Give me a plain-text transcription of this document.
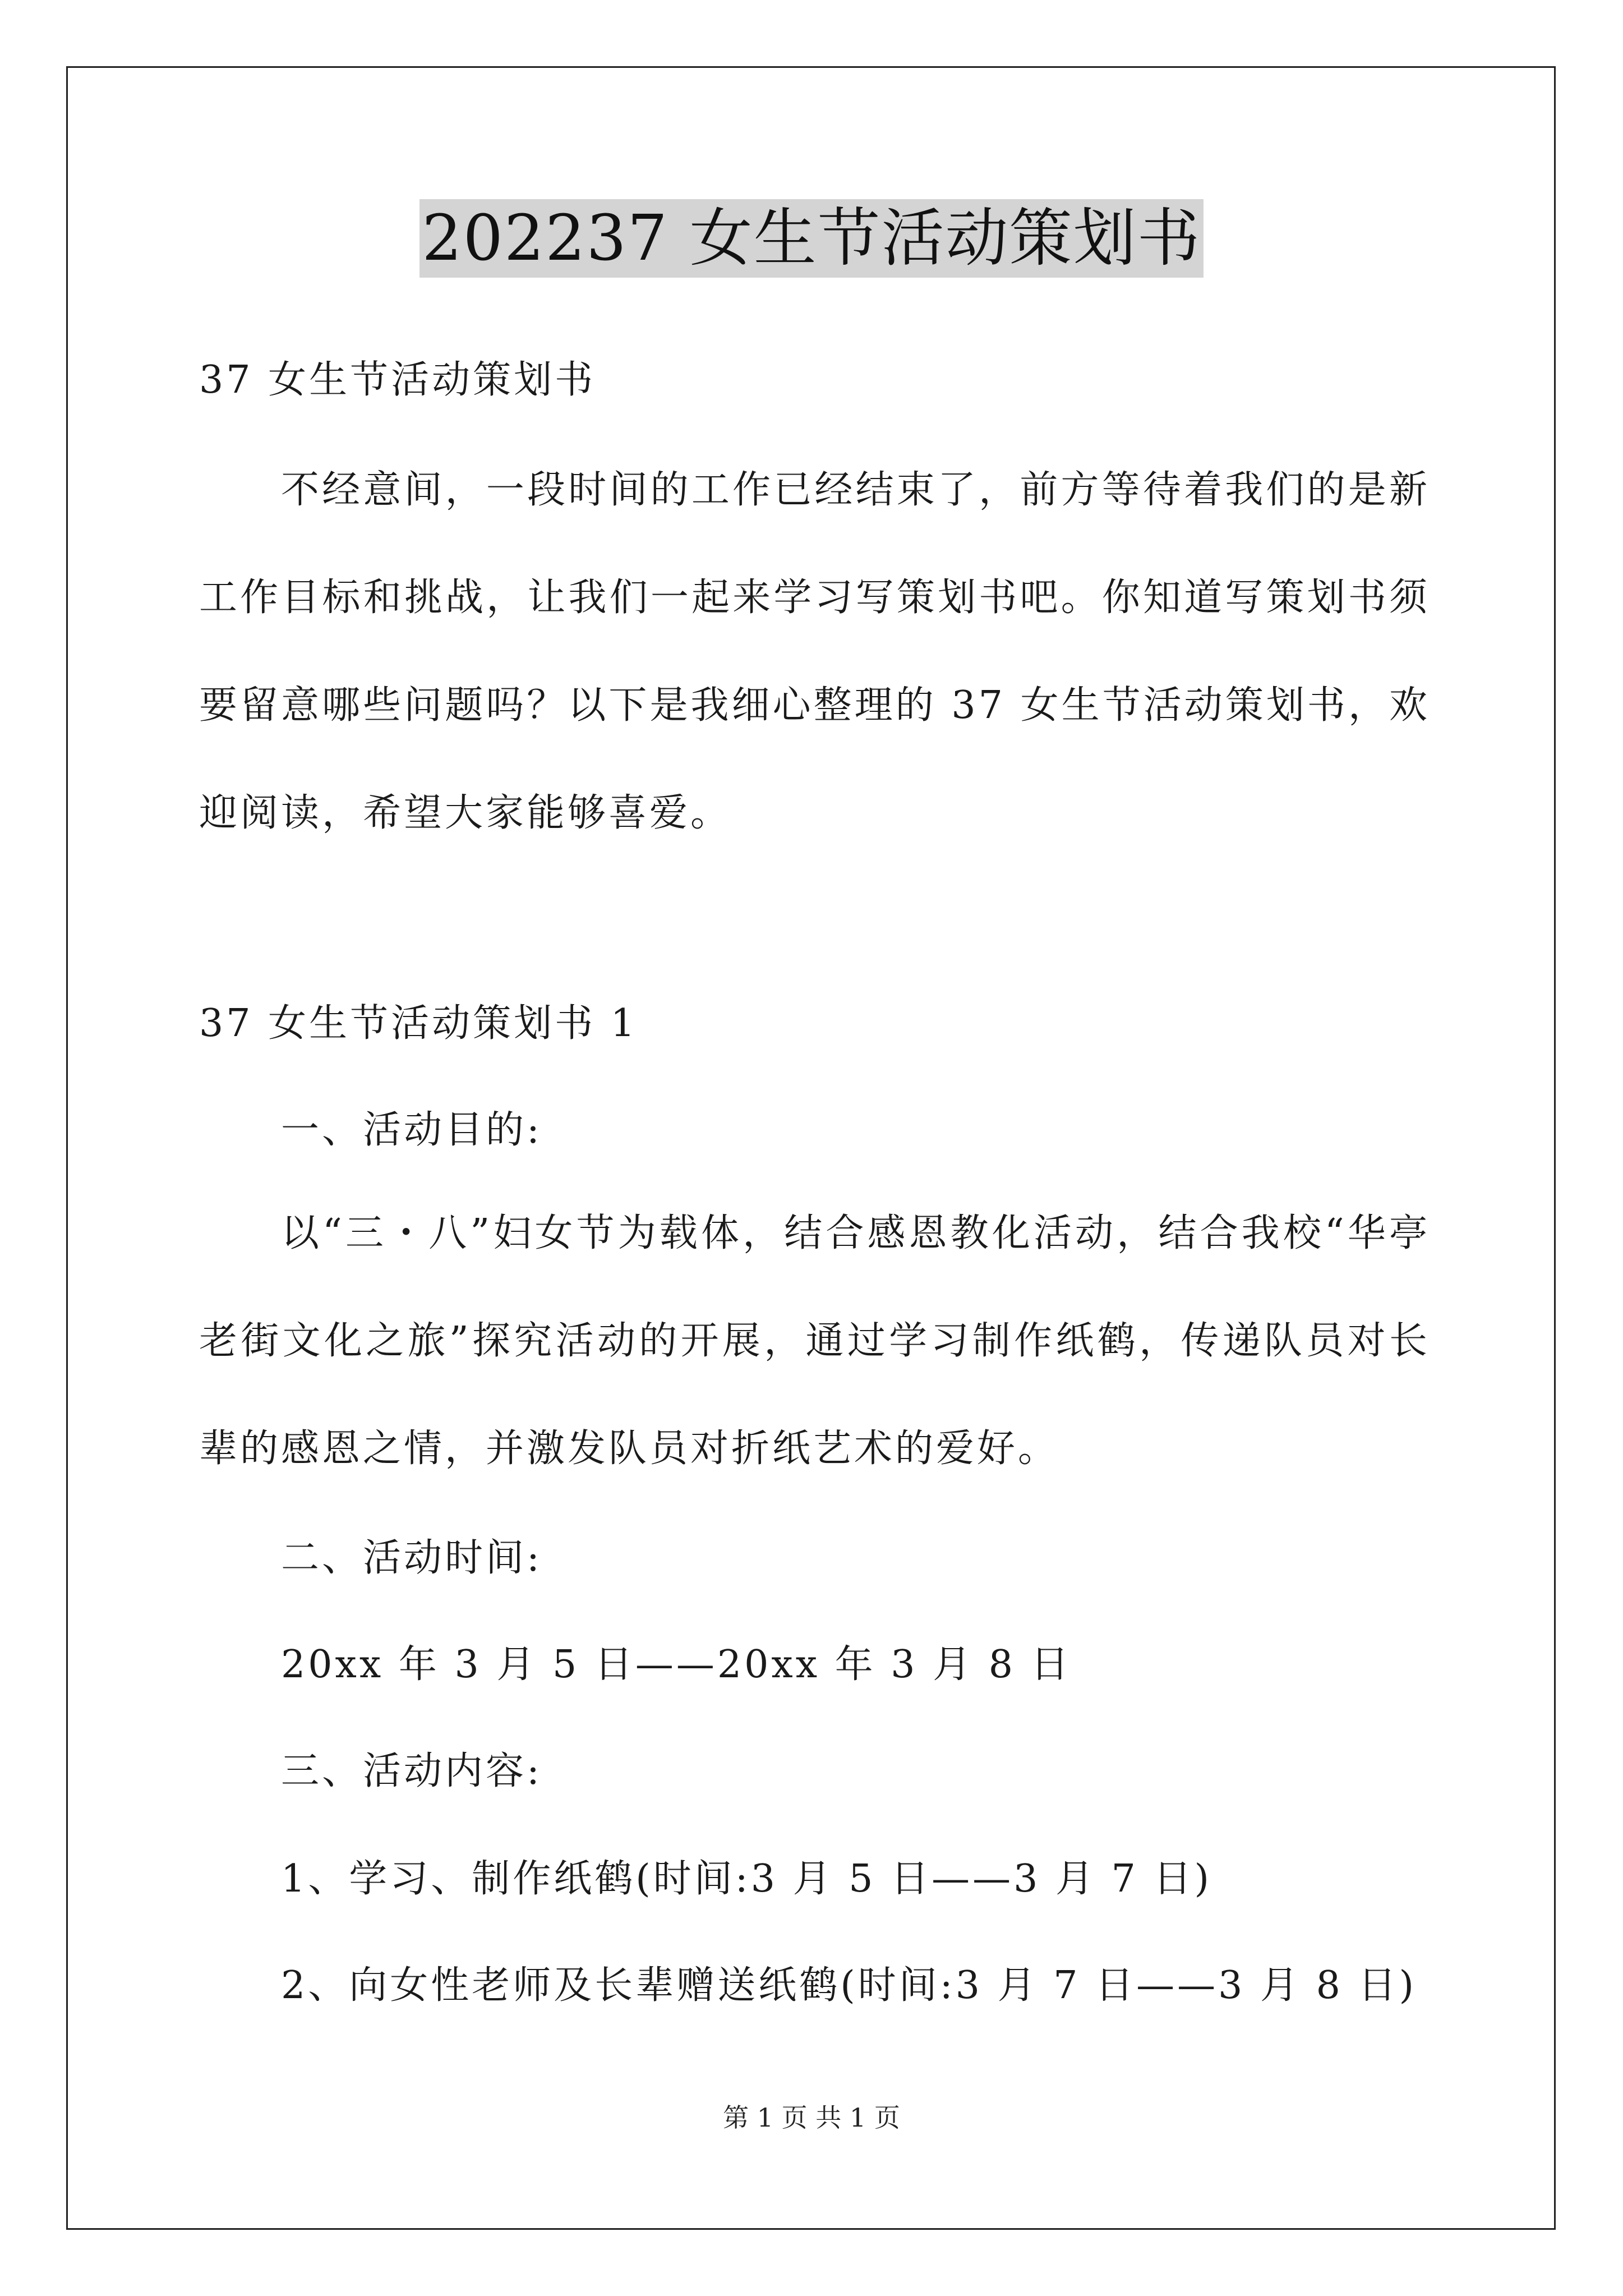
202237 女生节活动策划书
37 女生节活动策划书
不经意间，一段时间的工作已经结束了，前方等待着我们的是新工作目标和挑战，让我们一起来学习写策划书吧。你知道写策划书须要留意哪些问题吗？以下是我细心整理的 37 女生节活动策划书，欢迎阅读，希望大家能够喜爱。
37 女生节活动策划书 1
一、活动目的:
以“三・八”妇女节为载体，结合感恩教化活动，结合我校“华亭老街文化之旅”探究活动的开展，通过学习制作纸鹤，传递队员对长辈的感恩之情，并激发队员对折纸艺术的爱好。
二、活动时间:
20xx 年 3 月 5 日——20xx 年 3 月 8 日
三、活动内容:
1、学习、制作纸鹤(时间:3 月 5 日——3 月 7 日)
2、向女性老师及长辈赠送纸鹤(时间:3 月 7 日——3 月 8 日)
第 1 页 共 1 页
